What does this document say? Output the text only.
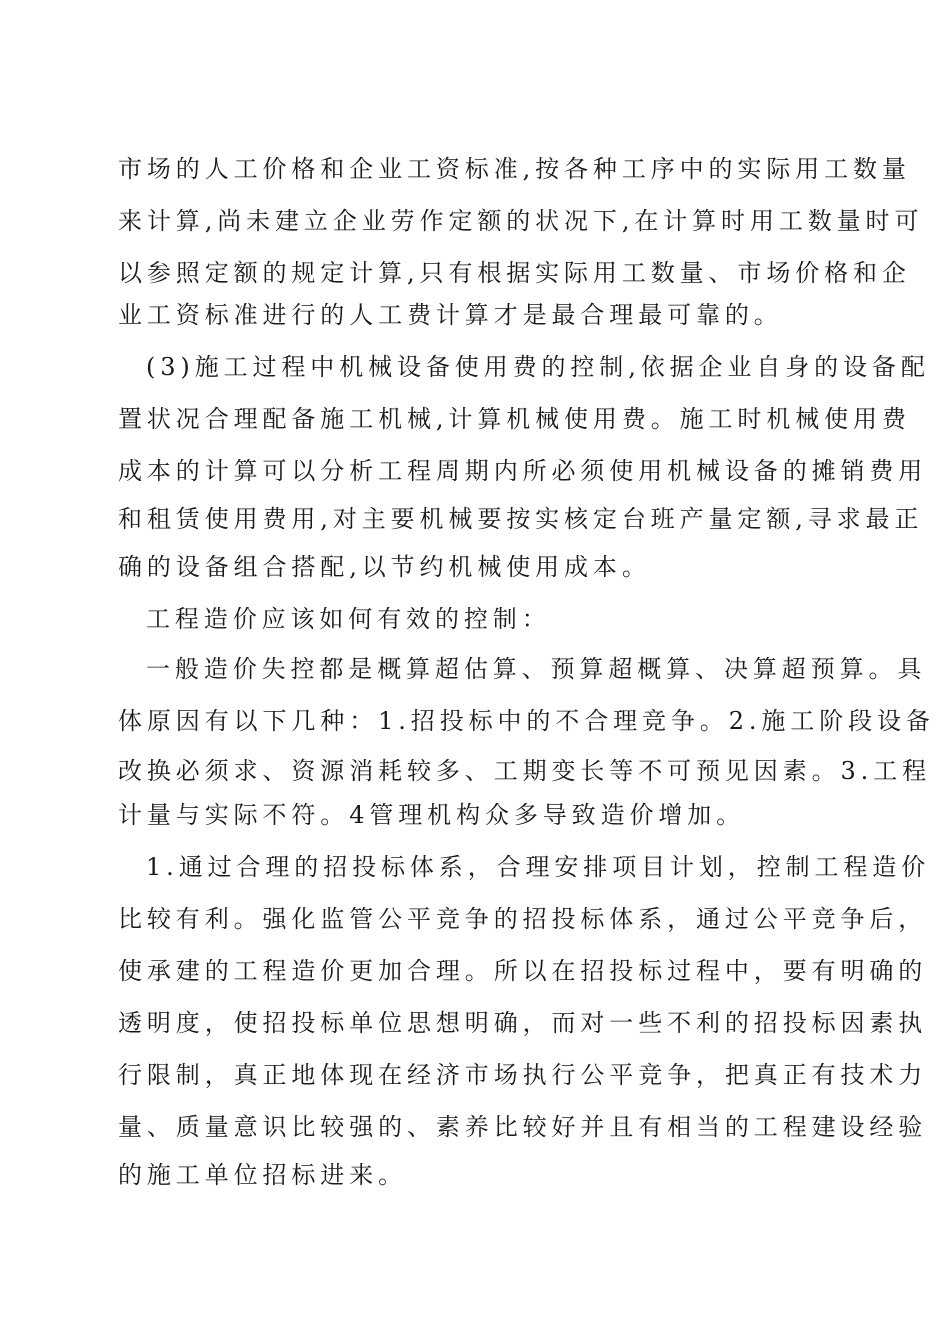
市场的人工价格和企业工资标准,按各种工序中的实际用工数量
来计算,尚未建立企业劳作定额的状况下,在计算时用工数量时可
以参照定额的规定计算,只有根据实际用工数量、市场价格和企
业工资标准进行的人工费计算才是最合理最可靠的。
(3)施工过程中机械设备使用费的控制,依据企业自身的设备配
置状况合理配备施工机械,计算机械使用费。施工时机械使用费
成本的计算可以分析工程周期内所必须使用机械设备的摊销费用
和租赁使用费用,对主要机械要按实核定台班产量定额,寻求最正
确的设备组合搭配,以节约机械使用成本。
工程造价应该如何有效的控制：
一般造价失控都是概算超估算、预算超概算、决算超预算。具
体原因有以下几种：1.招投标中的不合理竞争。2.施工阶段设备
改换必须求、资源消耗较多、工期变长等不可预见因素。3.工程
计量与实际不符。4管理机构众多导致造价增加。
1.通过合理的招投标体系，合理安排项目计划，控制工程造价
比较有利。强化监管公平竞争的招投标体系，通过公平竞争后，
使承建的工程造价更加合理。所以在招投标过程中，要有明确的
透明度，使招投标单位思想明确，而对一些不利的招投标因素执
行限制，真正地体现在经济市场执行公平竞争，把真正有技术力
量、质量意识比较强的、素养比较好并且有相当的工程建设经验
的施工单位招标进来。
